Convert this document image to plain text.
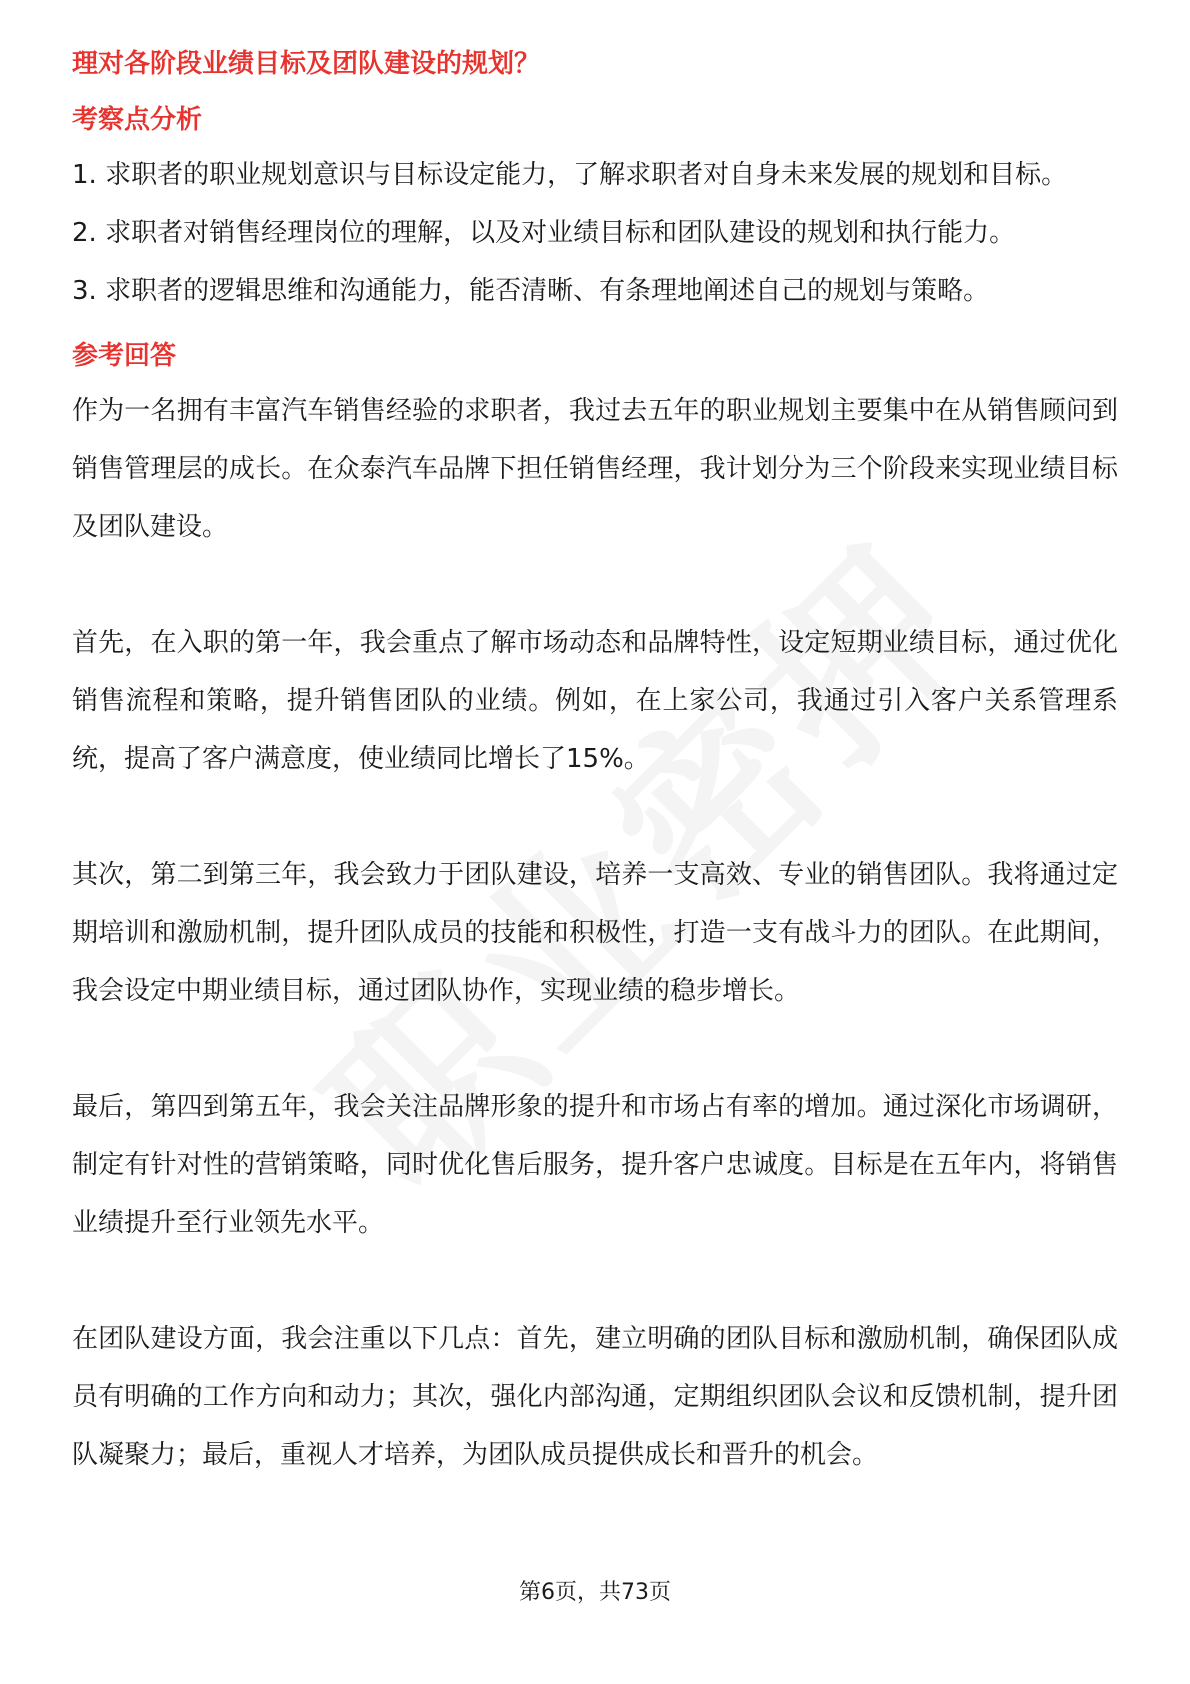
理对各阶段业绩目标及团队建设的规划？

考察点分析

1. 求职者的职业规划意识与目标设定能力，了解求职者对自身未来发展的规划和目标。

2. 求职者对销售经理岗位的理解，以及对业绩目标和团队建设的规划和执行能力。

3. 求职者的逻辑思维和沟通能力，能否清晰、有条理地阐述自己的规划与策略。

参考回答

作为一名拥有丰富汽车销售经验的求职者，我过去五年的职业规划主要集中在从销售顾问到销售管理层的成长。在众泰汽车品牌下担任销售经理，我计划分为三个阶段来实现业绩目标及团队建设。

首先，在入职的第一年，我会重点了解市场动态和品牌特性，设定短期业绩目标，通过优化销售流程和策略，提升销售团队的业绩。例如，在上家公司，我通过引入客户关系管理系统，提高了客户满意度，使业绩同比增长了15%。

其次，第二到第三年，我会致力于团队建设，培养一支高效、专业的销售团队。我将通过定期培训和激励机制，提升团队成员的技能和积极性，打造一支有战斗力的团队。在此期间，我会设定中期业绩目标，通过团队协作，实现业绩的稳步增长。

最后，第四到第五年，我会关注品牌形象的提升和市场占有率的增加。通过深化市场调研，制定有针对性的营销策略，同时优化售后服务，提升客户忠诚度。目标是在五年内，将销售业绩提升至行业领先水平。

在团队建设方面，我会注重以下几点：首先，建立明确的团队目标和激励机制，确保团队成员有明确的工作方向和动力；其次，强化内部沟通，定期组织团队会议和反馈机制，提升团队凝聚力；最后，重视人才培养，为团队成员提供成长和晋升的机会。

第6页，共73页
